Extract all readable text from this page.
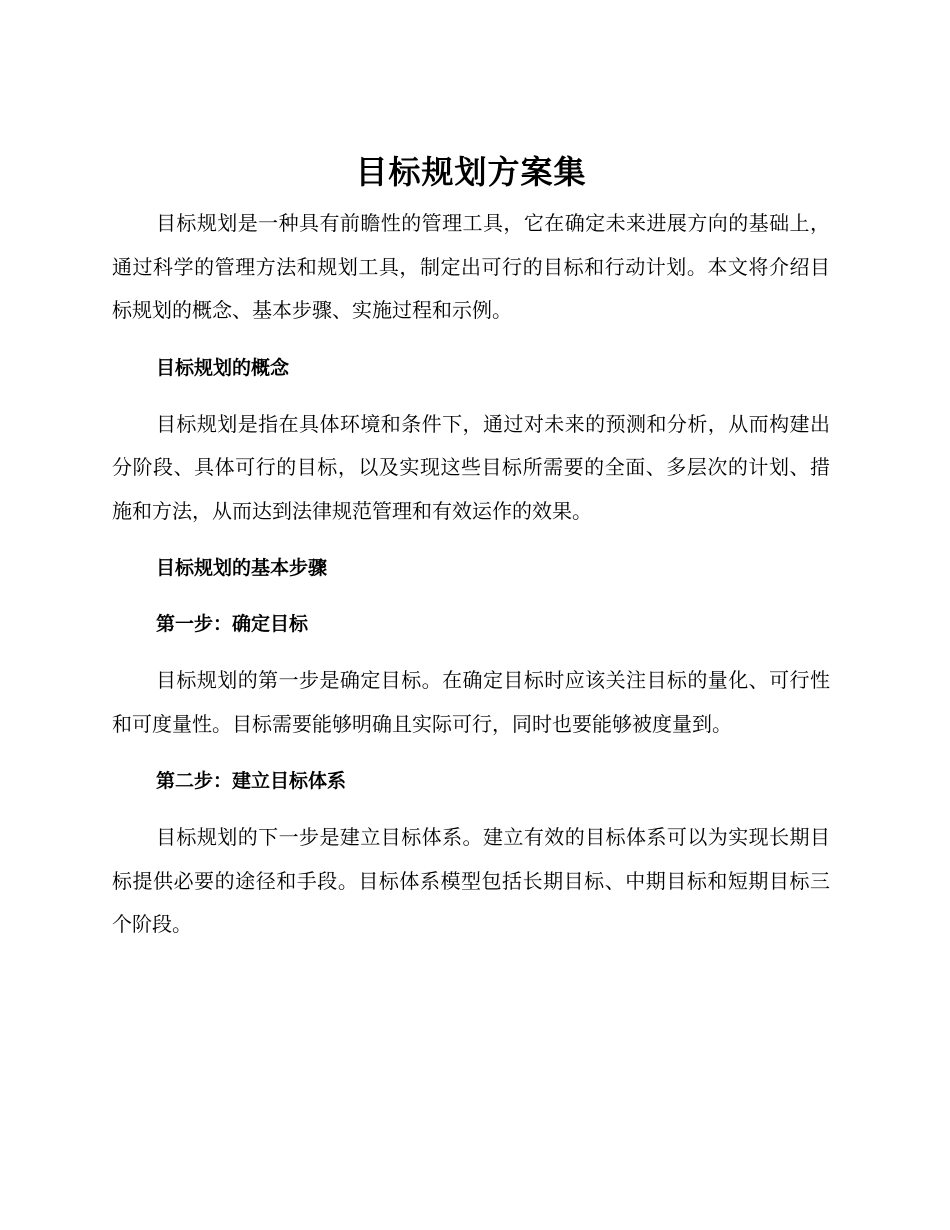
目标规划方案集

目标规划是一种具有前瞻性的管理工具，它在确定未来进展方向的基础上，通过科学的管理方法和规划工具，制定出可行的目标和行动计划。本文将介绍目标规划的概念、基本步骤、实施过程和示例。

目标规划的概念

目标规划是指在具体环境和条件下，通过对未来的预测和分析，从而构建出分阶段、具体可行的目标，以及实现这些目标所需要的全面、多层次的计划、措施和方法，从而达到法律规范管理和有效运作的效果。

目标规划的基本步骤
第一步：确定目标

目标规划的第一步是确定目标。在确定目标时应该关注目标的量化、可行性和可度量性。目标需要能够明确且实际可行，同时也要能够被度量到。

第二步：建立目标体系

目标规划的下一步是建立目标体系。建立有效的目标体系可以为实现长期目标提供必要的途径和手段。目标体系模型包括长期目标、中期目标和短期目标三个阶段。
